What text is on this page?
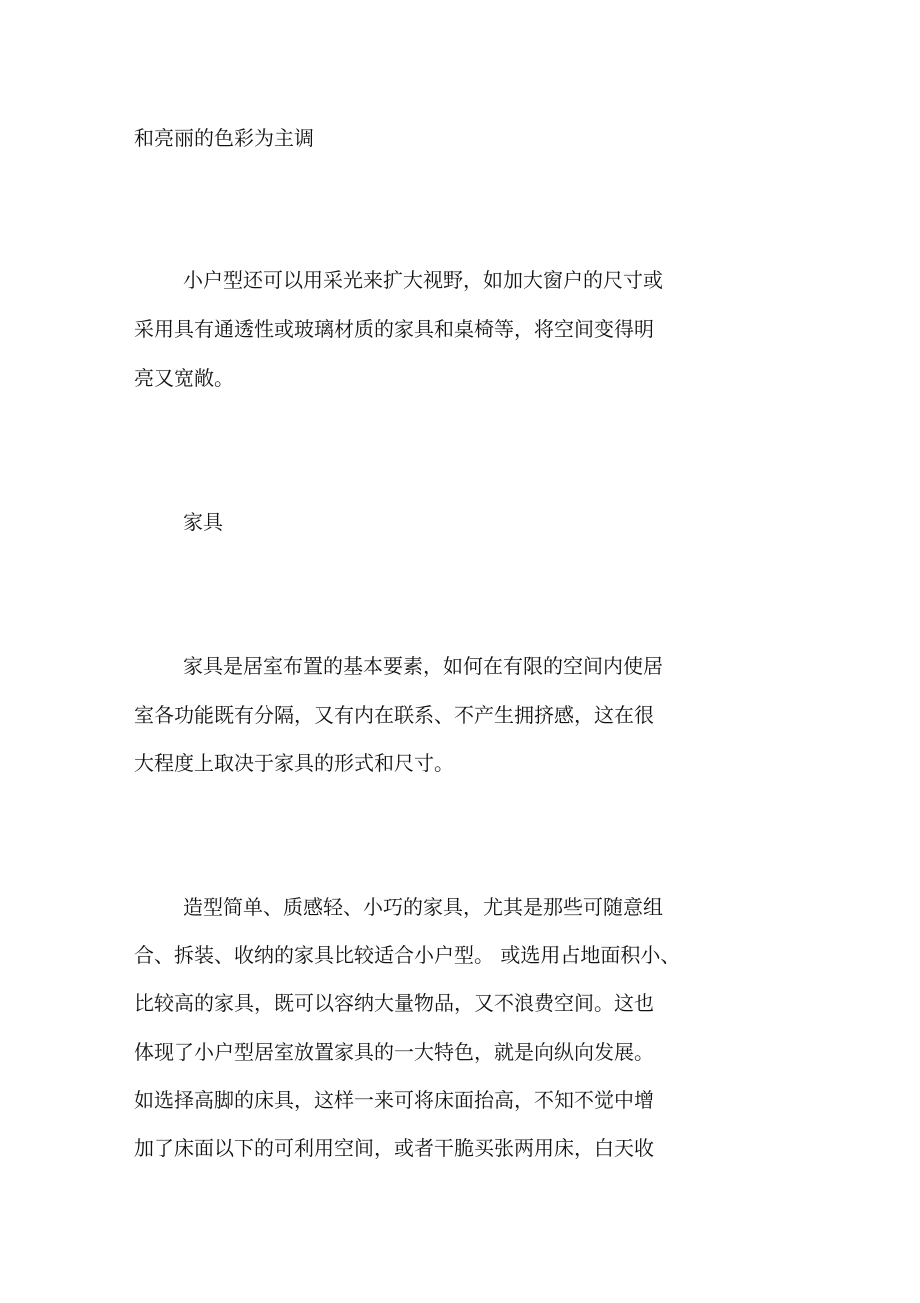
和亮丽的色彩为主调
小户型还可以用采光来扩大视野，如加大窗户的尺寸或
采用具有通透性或玻璃材质的家具和桌椅等，将空间变得明
亮又宽敞。
家具
家具是居室布置的基本要素，如何在有限的空间内使居
室各功能既有分隔，又有内在联系、不产生拥挤感，这在很
大程度上取决于家具的形式和尺寸。
造型简单、质感轻、小巧的家具，尤其是那些可随意组
合、拆装、收纳的家具比较适合小户型。 或选用占地面积小、
比较高的家具，既可以容纳大量物品，又不浪费空间。这也
体现了小户型居室放置家具的一大特色，就是向纵向发展。
如选择高脚的床具，这样一来可将床面抬高，不知不觉中增
加了床面以下的可利用空间，或者干脆买张两用床，白天收
